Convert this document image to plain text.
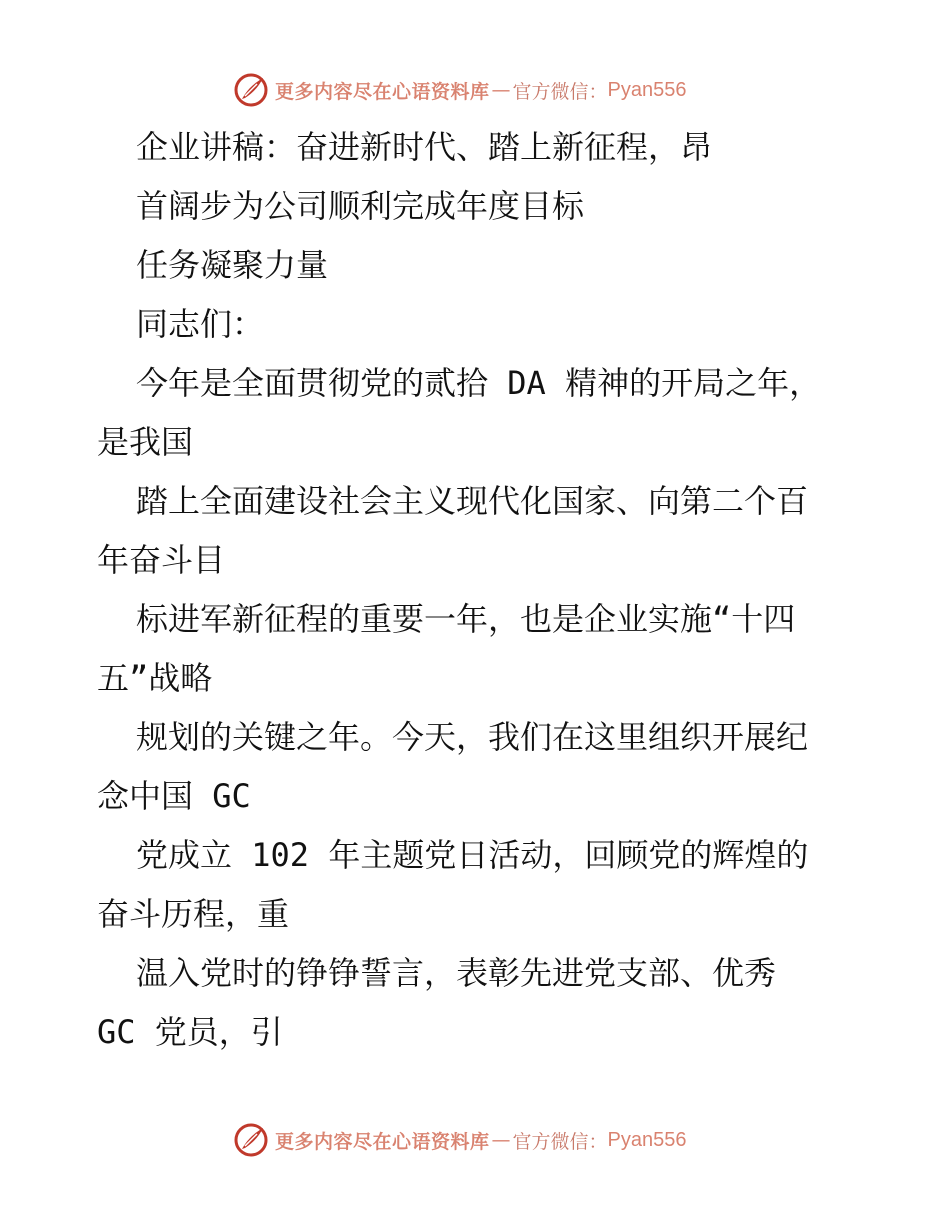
更多内容尽在心语资料库 — 官方微信： Pyan556
企业讲稿：奋进新时代、踏上新征程，昂
首阔步为公司顺利完成年度目标
任务凝聚力量
同志们：
今年是全面贯彻党的贰拾 DA 精神的开局之年，
是我国
踏上全面建设社会主义现代化国家、向第二个百
年奋斗目
标进军新征程的重要一年，也是企业实施“十四
五”战略
规划的关键之年。今天，我们在这里组织开展纪
念中国 GC
党成立 102 年主题党日活动，回顾党的辉煌的
奋斗历程，重
温入党时的铮铮誓言，表彰先进党支部、优秀
GC 党员，引
更多内容尽在心语资料库 — 官方微信： Pyan556
